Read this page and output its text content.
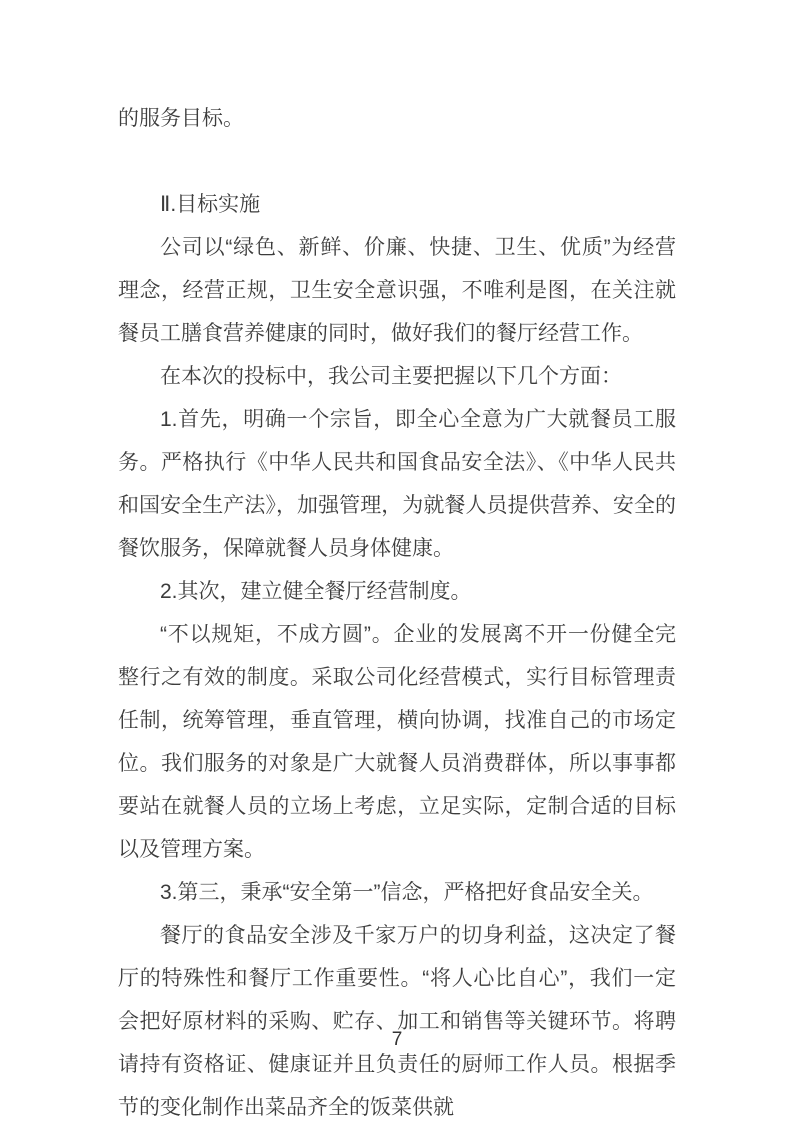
的服务目标。

Ⅱ.目标实施

公司以“绿色、新鲜、价廉、快捷、卫生、优质”为经营理念，经营正规，卫生安全意识强，不唯利是图，在关注就餐员工膳食营养健康的同时，做好我们的餐厅经营工作。

在本次的投标中，我公司主要把握以下几个方面：

1.首先，明确一个宗旨，即全心全意为广大就餐员工服务。严格执行《中华人民共和国食品安全法》、《中华人民共和国安全生产法》，加强管理，为就餐人员提供营养、安全的餐饮服务，保障就餐人员身体健康。

2.其次，建立健全餐厅经营制度。

“不以规矩，不成方圆”。企业的发展离不开一份健全完整行之有效的制度。采取公司化经营模式，实行目标管理责任制，统筹管理，垂直管理，横向协调，找准自己的市场定位。我们服务的对象是广大就餐人员消费群体，所以事事都要站在就餐人员的立场上考虑，立足实际，定制合适的目标以及管理方案。

3.第三，秉承“安全第一”信念，严格把好食品安全关。

餐厅的食品安全涉及千家万户的切身利益，这决定了餐厅的特殊性和餐厅工作重要性。“将人心比自心”，我们一定会把好原材料的采购、贮存、加工和销售等关键环节。将聘请持有资格证、健康证并且负责任的厨师工作人员。根据季节的变化制作出菜品齐全的饭菜供就

7
